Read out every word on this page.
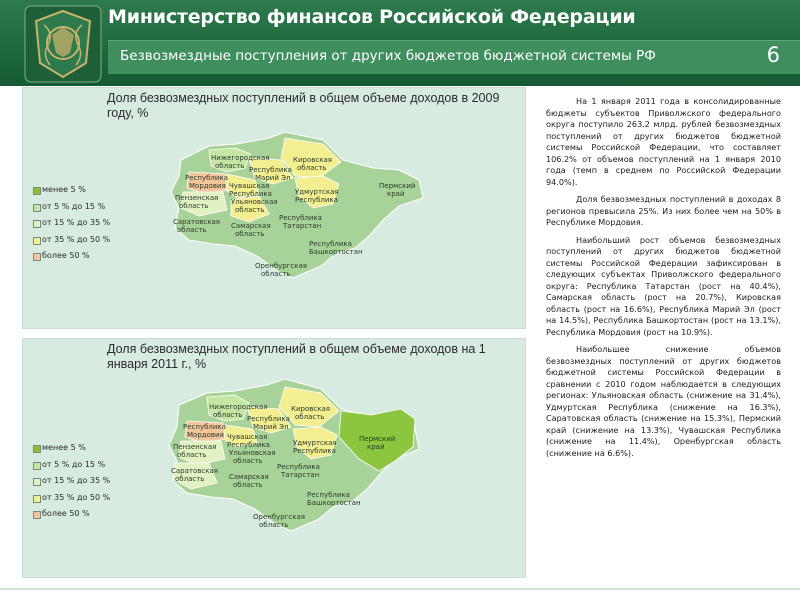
Министерство финансов Российской Федерации
Безвозмездные поступления от других бюджетов бюджетной системы РФ	6
Доля безвозмездных поступлений в общем объеме доходов в 2009 году, %
Нижегородская
область
Кировская
область
Республика
Марий Эл
Республика
Мордовия Чувашская
Республика
Пензенская
область	Ульяновская
область
Удмуртская
Республика
Пермский
край
Республика
Татарстан
Саратовская
область	Самарская
область
Республика
Башкортостан
Оренбургская
область
менее 5 %
от 5 % до 15 %
от 15 % до 35 %
от 35 % до 50 %
более 50 %
Доля безвозмездных поступлений в общем объеме доходов на 1 января 2011 г., %
Нижегородская
область
Кировская
область
Республика
Марий Эл
Республика
Мордовия Чувашская
Республика
Пензенская
область	Ульяновская
область
Удмуртская
Республика
Пермский
край
Республика
Татарстан
Саратовская
область	Самарская
область
Республика
Башкортостан
Оренбургская
область
менее 5 %
от 5 % до 15 %
от 15 % до 35 %
от 35 % до 50 %
более 50 %

На 1 января 2011 года в консолидированные бюджеты субъектов Приволжского федерального округа поступило 263.2 млрд. рублей безвозмездных поступлений от других бюджетов бюджетной системы Российской Федерации, что составляет 106.2% от объемов поступлений на 1 января 2010 года (темп в среднем по Российской Федерации 94.0%).

Доля безвозмездных поступлений в доходах 8 регионов превысила 25%. Из них более чем на 50% в Республике Мордовия.

Наибольший рост объемов безвозмездных поступлений от других бюджетов бюджетной системы Российской Федерации зафиксирован в следующих субъектах Приволжского федерального округа: Республика Татарстан (рост на 40.4%), Самарская область (рост на 20.7%), Кировская область (рост на 16.6%), Республика Марий Эл (рост на 14.5%), Республика Башкортостан (рост на 13.1%), Республика Мордовия (рост на 10.9%).

Наибольшее снижение объемов безвозмездных поступлений от других бюджетов бюджетной системы Российской Федерации в сравнении с 2010 годом наблюдается в следующих регионах: Ульяновская область (снижение на 31.4%), Удмуртская Республика (снижение на 16.3%), Саратовская область (снижение на 15.3%), Пермский край (снижение на 13.3%), Чувашская Республика (снижение на 11.4%), Оренбургская область (снижение на 6.6%).
